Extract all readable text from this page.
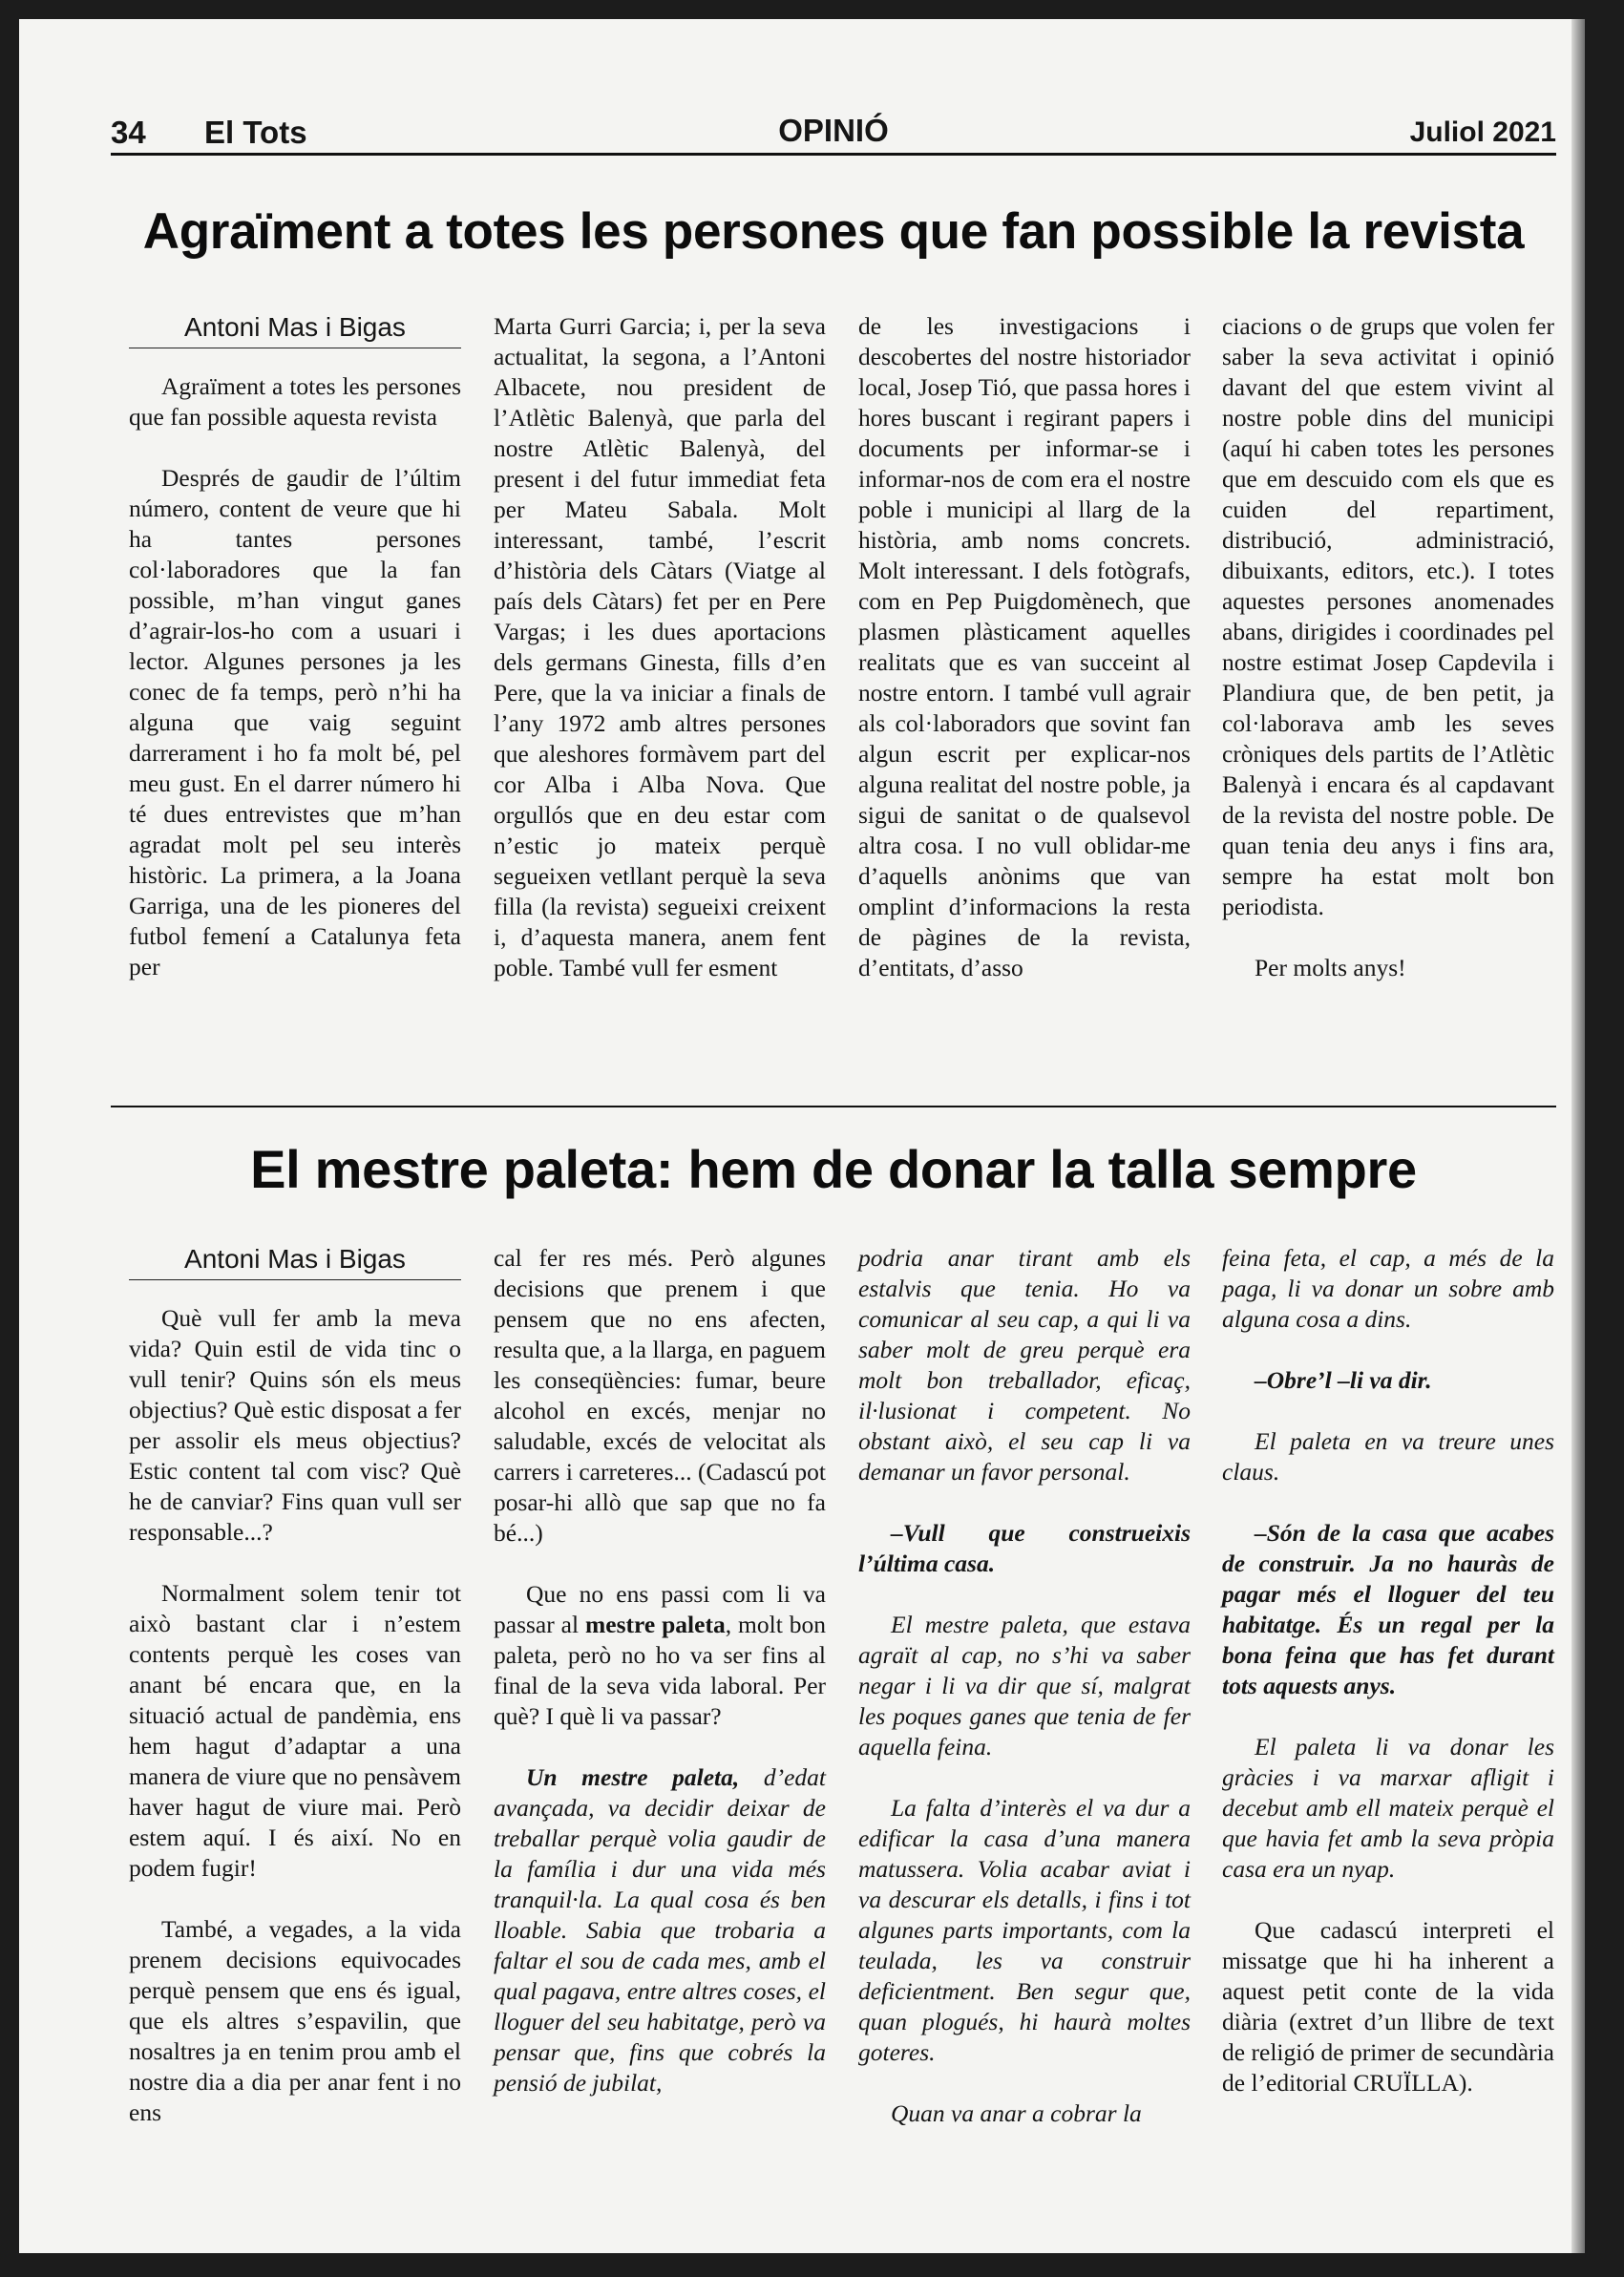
34 El Tots	OPINIÓ	Juliol 2021
Agraïment a totes les persones que fan possible la revista
Antoni Mas i Bigas

Agraïment a totes les persones que fan possible aquesta revista

Després de gaudir de l’últim número, content de veure que hi ha tantes persones col·laboradores que la fan possible, m’han vingut ganes d’agrair-los-ho com a usuari i lector. Algunes persones ja les conec de fa temps, però n’hi ha alguna que vaig seguint darrerament i ho fa molt bé, pel meu gust. En el darrer número hi té dues entrevistes que m’han agradat molt pel seu interès històric. La primera, a la Joana Garriga, una de les pioneres del futbol femení a Catalunya feta per

Marta Gurri Garcia; i, per la seva actualitat, la segona, a l’Antoni Albacete, nou president de l’Atlètic Balenyà, que parla del nostre Atlètic Balenyà, del present i del futur immediat feta per Mateu Sabala. Molt interessant, també, l’escrit d’història dels Càtars (Viatge al país dels Càtars) fet per en Pere Vargas; i les dues aportacions dels germans Ginesta, fills d’en Pere, que la va iniciar a finals de l’any 1972 amb altres persones que aleshores formàvem part del cor Alba i Alba Nova. Que orgullós que en deu estar com n’estic jo mateix perquè segueixen vetllant perquè la seva filla (la revista) segueixi creixent i, d’aquesta manera, anem fent poble. També vull fer esment

de les investigacions i descobertes del nostre historiador local, Josep Tió, que passa hores i hores buscant i regirant papers i documents per informar-se i informar-nos de com era el nostre poble i municipi al llarg de la història, amb noms concrets. Molt interessant. I dels fotògrafs, com en Pep Puigdomènech, que plasmen plàsticament aquelles realitats que es van succeint al nostre entorn. I també vull agrair als col·laboradors que sovint fan algun escrit per explicar-nos alguna realitat del nostre poble, ja sigui de sanitat o de qualsevol altra cosa. I no vull oblidar-me d’aquells anònims que van omplint d’informacions la resta de pàgines de la revista, d’entitats, d’asso

ciacions o de grups que volen fer saber la seva activitat i opinió davant del que estem vivint al nostre poble dins del municipi (aquí hi caben totes les persones que em descuido com els que es cuiden del repartiment, distribució, administració, dibuixants, editors, etc.). I totes aquestes persones anomenades abans, dirigides i coordinades pel nostre estimat Josep Capdevila i Plandiura que, de ben petit, ja col·laborava amb les seves cròniques dels partits de l’Atlètic Balenyà i encara és al capdavant de la revista del nostre poble. De quan tenia deu anys i fins ara, sempre ha estat molt bon periodista.

Per molts anys!

El mestre paleta: hem de donar la talla sempre
Antoni Mas i Bigas

Què vull fer amb la meva vida? Quin estil de vida tinc o vull tenir? Quins són els meus objectius? Què estic disposat a fer per assolir els meus objectius? Estic content tal com visc? Què he de canviar? Fins quan vull ser responsable...?

Normalment solem tenir tot això bastant clar i n’estem contents perquè les coses van anant bé encara que, en la situació actual de pandèmia, ens hem hagut d’adaptar a una manera de viure que no pensàvem haver hagut de viure mai. Però estem aquí. I és així. No en podem fugir!

També, a vegades, a la vida prenem decisions equivocades perquè pensem que ens és igual, que els altres s’espavilin, que nosaltres ja en tenim prou amb el nostre dia a dia per anar fent i no ens

cal fer res més. Però algunes decisions que prenem i que pensem que no ens afecten, resulta que, a la llarga, en paguem les conseqüències: fumar, beure alcohol en excés, menjar no saludable, excés de velocitat als carrers i carreteres... (Cadascú pot posar-hi allò que sap que no fa bé...)

Que no ens passi com li va passar al mestre paleta, molt bon paleta, però no ho va ser fins al final de la seva vida laboral. Per què? I què li va passar?

Un mestre paleta, d’edat avançada, va decidir deixar de treballar perquè volia gaudir de la família i dur una vida més tranquil·la. La qual cosa és ben lloable. Sabia que trobaria a faltar el sou de cada mes, amb el qual pagava, entre altres coses, el lloguer del seu habitatge, però va pensar que, fins que cobrés la pensió de jubilat,

podria anar tirant amb els estalvis que tenia. Ho va comunicar al seu cap, a qui li va saber molt de greu perquè era molt bon treballador, eficaç, il·lusionat i competent. No obstant això, el seu cap li va demanar un favor personal.

–Vull que construeixis l’última casa.

El mestre paleta, que estava agraït al cap, no s’hi va saber negar i li va dir que sí, malgrat les poques ganes que tenia de fer aquella feina.

La falta d’interès el va dur a edificar la casa d’una manera matussera. Volia acabar aviat i va descurar els detalls, i fins i tot algunes parts importants, com la teulada, les va construir deficientment. Ben segur que, quan plogués, hi haurà moltes goteres.

Quan va anar a cobrar la

feina feta, el cap, a més de la paga, li va donar un sobre amb alguna cosa a dins.

–Obre’l –li va dir.

El paleta en va treure unes claus.

–Són de la casa que acabes de construir. Ja no hauràs de pagar més el lloguer del teu habitatge. És un regal per la bona feina que has fet durant tots aquests anys.

El paleta li va donar les gràcies i va marxar afligit i decebut amb ell mateix perquè el que havia fet amb la seva pròpia casa era un nyap.

Que cadascú interpreti el missatge que hi ha inherent a aquest petit conte de la vida diària (extret d’un llibre de text de religió de primer de secundària de l’editorial CRUÏLLA).
